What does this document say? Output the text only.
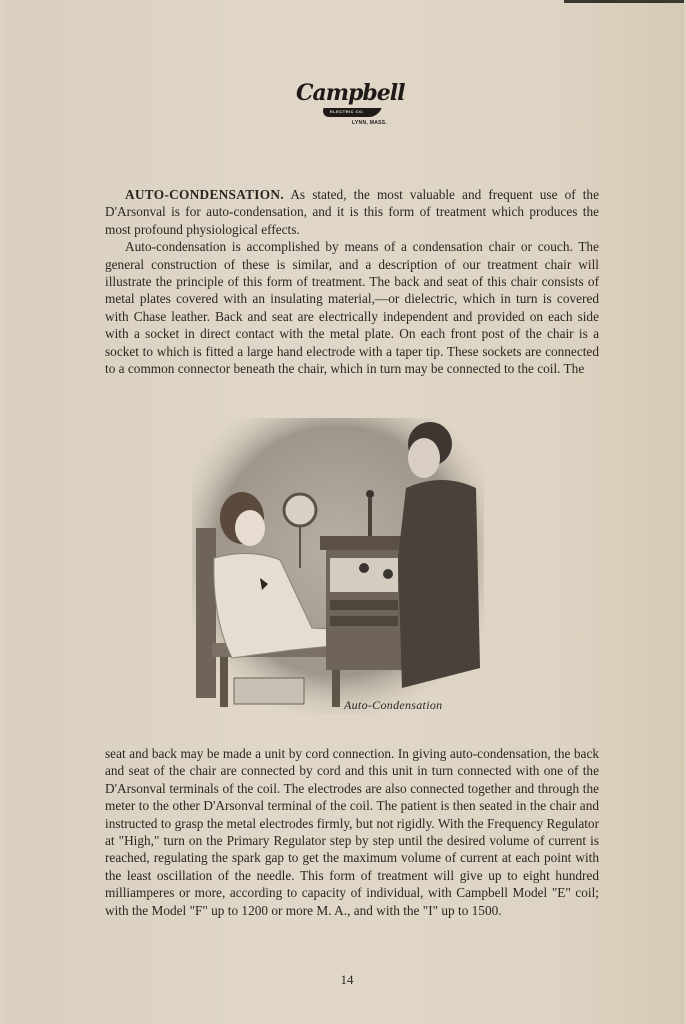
Campbell
ELECTRIC CO.
LYNN, MASS.

AUTO-CONDENSATION. As stated, the most valuable and frequent use of the D'Arsonval is for auto-condensation, and it is this form of treatment which produces the most profound physiological effects.

Auto-condensation is accomplished by means of a condensation chair or couch. The general construction of these is similar, and a description of our treatment chair will illustrate the principle of this form of treatment. The back and seat of this chair consists of metal plates covered with an insulating material,—or dielectric, which in turn is covered with Chase leather. Back and seat are electrically independent and provided on each side with a socket in direct contact with the metal plate. On each front post of the chair is a socket to which is fitted a large hand electrode with a taper tip. These sockets are connected to a common connector beneath the chair, which in turn may be connected to the coil. The

Auto-Condensation

seat and back may be made a unit by cord connection. In giving auto-condensation, the back and seat of the chair are connected by cord and this unit in turn connected with one of the D'Arsonval terminals of the coil. The electrodes are also connected together and through the meter to the other D'Arsonval terminal of the coil. The patient is then seated in the chair and instructed to grasp the metal electrodes firmly, but not rigidly. With the Frequency Regulator at "High," turn on the Primary Regulator step by step until the desired volume of current is reached, regulating the spark gap to get the maximum volume of current at each point with the least oscillation of the needle. This form of treatment will give up to eight hundred milliamperes or more, according to capacity of individual, with Campbell Model "E" coil; with the Model "F" up to 1200 or more M. A., and with the "I" up to 1500.

14
